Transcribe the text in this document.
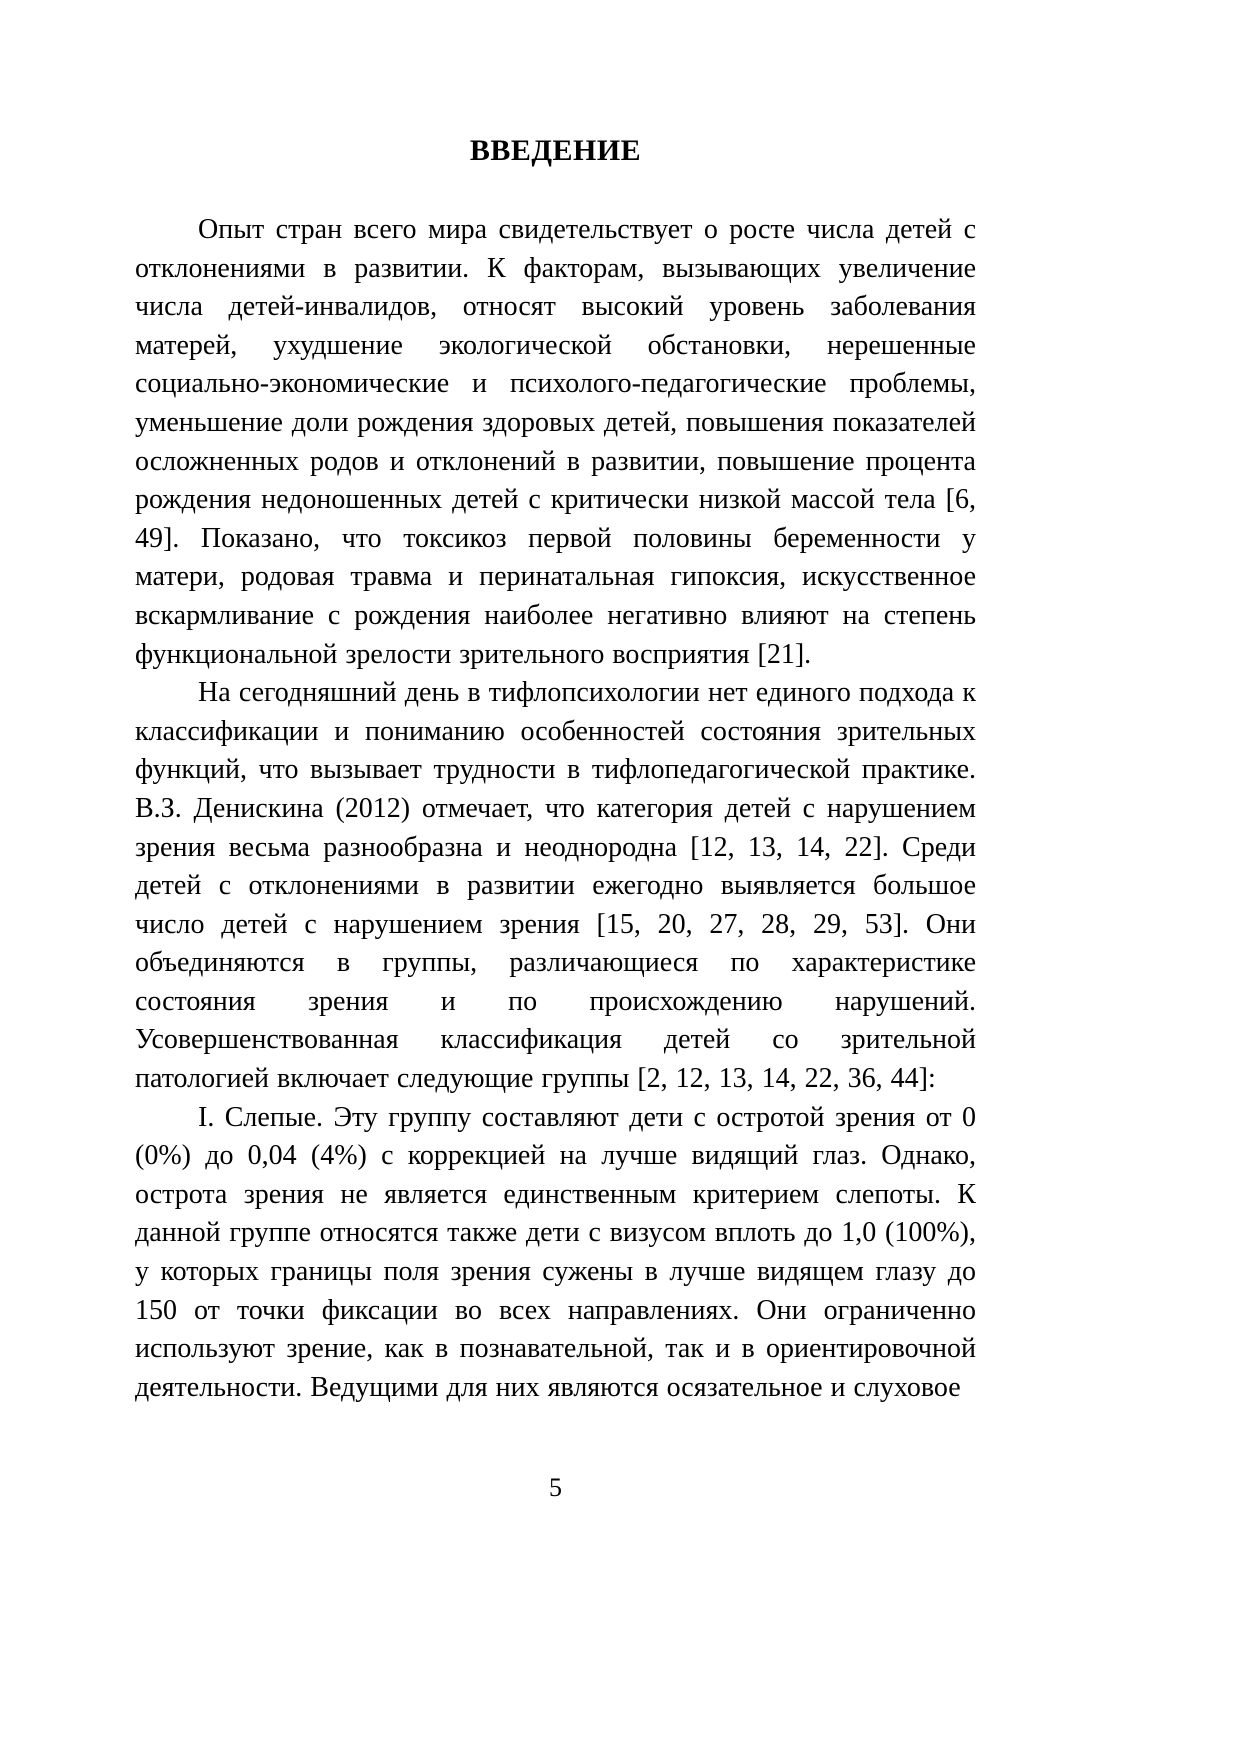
ВВЕДЕНИЕ

Опыт стран всего мира свидетельствует о росте числа детей с отклонениями в развитии. К факторам, вызывающих увеличение числа детей-инвалидов, относят высокий уровень заболевания матерей, ухудшение экологической обстановки, нерешенные социально-экономические и психолого-педагогические проблемы, уменьшение доли рождения здоровых детей, повышения показателей осложненных родов и отклонений в развитии, повышение процента рождения недоношенных детей с критически низкой массой тела [6, 49]. Показано, что токсикоз первой половины беременности у матери, родовая травма и перинатальная гипоксия, искусственное вскармливание с рождения наиболее негативно влияют на степень функциональной зрелости зрительного восприятия [21].

На сегодняшний день в тифлопсихологии нет единого подхода к классификации и пониманию особенностей состояния зрительных функций, что вызывает трудности в тифлопедагогической практике. В.З. Денискина (2012) отмечает, что категория детей с нарушением зрения весьма разнообразна и неоднородна [12, 13, 14, 22]. Среди детей с отклонениями в развитии ежегодно выявляется большое число детей с нарушением зрения [15, 20, 27, 28, 29, 53]. Они объединяются в группы, различающиеся по характеристике состояния зрения и по происхождению нарушений. Усовершенствованная классификация детей со зрительной патологией включает следующие группы [2, 12, 13, 14, 22, 36, 44]:

I. Слепые. Эту группу составляют дети с остротой зрения от 0 (0%) до 0,04 (4%) с коррекцией на лучше видящий глаз. Однако, острота зрения не является единственным критерием слепоты. К данной группе относятся также дети с визусом вплоть до 1,0 (100%), у которых границы поля зрения сужены в лучше видящем глазу до 150 от точки фиксации во всех направлениях. Они ограниченно используют зрение, как в познавательной, так и в ориентировочной деятельности. Ведущими для них являются осязательное и слуховое

5
